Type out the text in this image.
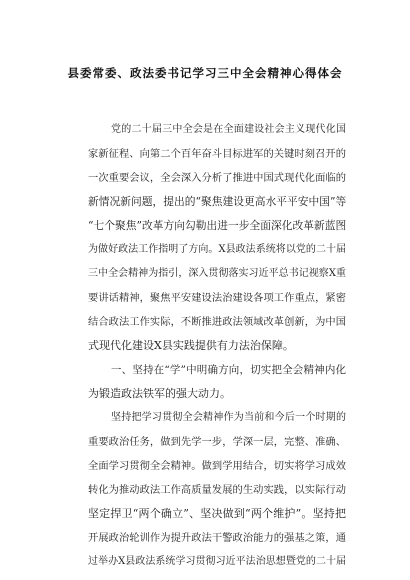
县委常委、政法委书记学习三中全会精神心得体会
党的二十届三中全会是在全面建设社会主义现代化国
家新征程、向第二个百年奋斗目标进军的关键时刻召开的
一次重要会议，全会深入分析了推进中国式现代化面临的
新情况新问题，提出的“聚焦建设更高水平平安中国”等
“七个聚焦”改革方向勾勒出进一步全面深化改革新蓝图
为做好政法工作指明了方向。X县政法系统将以党的二十届
三中全会精神为指引，深入贯彻落实习近平总书记视察X重
要讲话精神，聚焦平安建设法治建设各项工作重点，紧密
结合政法工作实际，不断推进政法领域改革创新，为中国
式现代化建设X县实践提供有力法治保障。
一、坚持在“学”中明确方向，切实把全会精神内化
为锻造政法铁军的强大动力。
坚持把学习贯彻全会精神作为当前和今后一个时期的
重要政治任务，做到先学一步，学深一层，完整、准确、
全面学习贯彻全会精神。做到学用结合，切实将学习成效
转化为推动政法工作高质量发展的生动实践，以实际行动
坚定捍卫“两个确立”、坚决做到“两个维护”。坚持把
开展政治轮训作为提升政法干警政治能力的强基之策，通
过举办X县政法系统学习贯彻习近平法治思想暨党的二十届
